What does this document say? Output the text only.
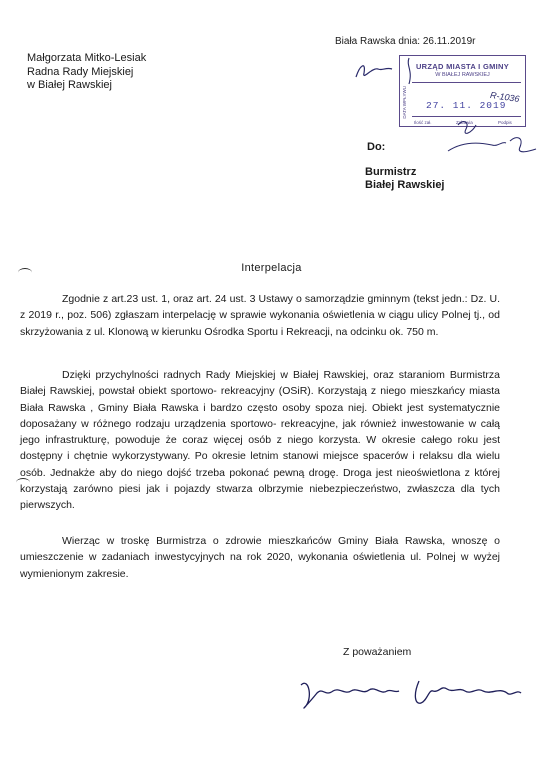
Biała Rawska dnia: 26.11.2019r
Małgorzata Mitko-Lesiak
Radna Rady Miejskiej
w Białej Rawskiej
URZĄD MIASTA I GMINY
W BIAŁEJ RAWSKIEJ
DATA WPŁYWU	27. 11. 2019
Ilość zał.	Załatwia	Podpis
R-1036
Do:
Burmistrz
Białej Rawskiej
Interpelacja
Zgodnie z art.23 ust. 1, oraz art. 24 ust. 3 Ustawy o samorządzie gminnym (tekst jedn.: Dz. U. z 2019 r., poz. 506) zgłaszam interpelację w sprawie wykonania oświetlenia w ciągu ulicy Polnej tj., od skrzyżowania z ul. Klonową w kierunku Ośrodka Sportu i Rekreacji, na odcinku ok. 750 m.
Dzięki przychylności radnych Rady Miejskiej w Białej Rawskiej, oraz staraniom Burmistrza Białej Rawskiej, powstał obiekt sportowo- rekreacyjny (OSiR). Korzystają z niego mieszkańcy miasta Biała Rawska , Gminy Biała Rawska i bardzo często osoby spoza niej. Obiekt jest systematycznie doposażany w różnego rodzaju urządzenia sportowo- rekreacyjne, jak również inwestowanie w całą jego infrastrukturę, powoduje że coraz więcej osób z niego korzysta. W okresie całego roku jest dostępny i chętnie wykorzystywany. Po okresie letnim stanowi miejsce spacerów i relaksu dla wielu osób. Jednakże aby do niego dojść trzeba pokonać pewną drogę. Droga jest nieoświetlona z której korzystają zarówno piesi jak i pojazdy stwarza olbrzymie niebezpieczeństwo, zwłaszcza dla tych pierwszych.
Wierząc w troskę Burmistrza o zdrowie mieszkańców Gminy Biała Rawska, wnoszę o umieszczenie w zadaniach inwestycyjnych na rok 2020, wykonania oświetlenia ul. Polnej w wyżej wymienionym zakresie.
Z poważaniem
